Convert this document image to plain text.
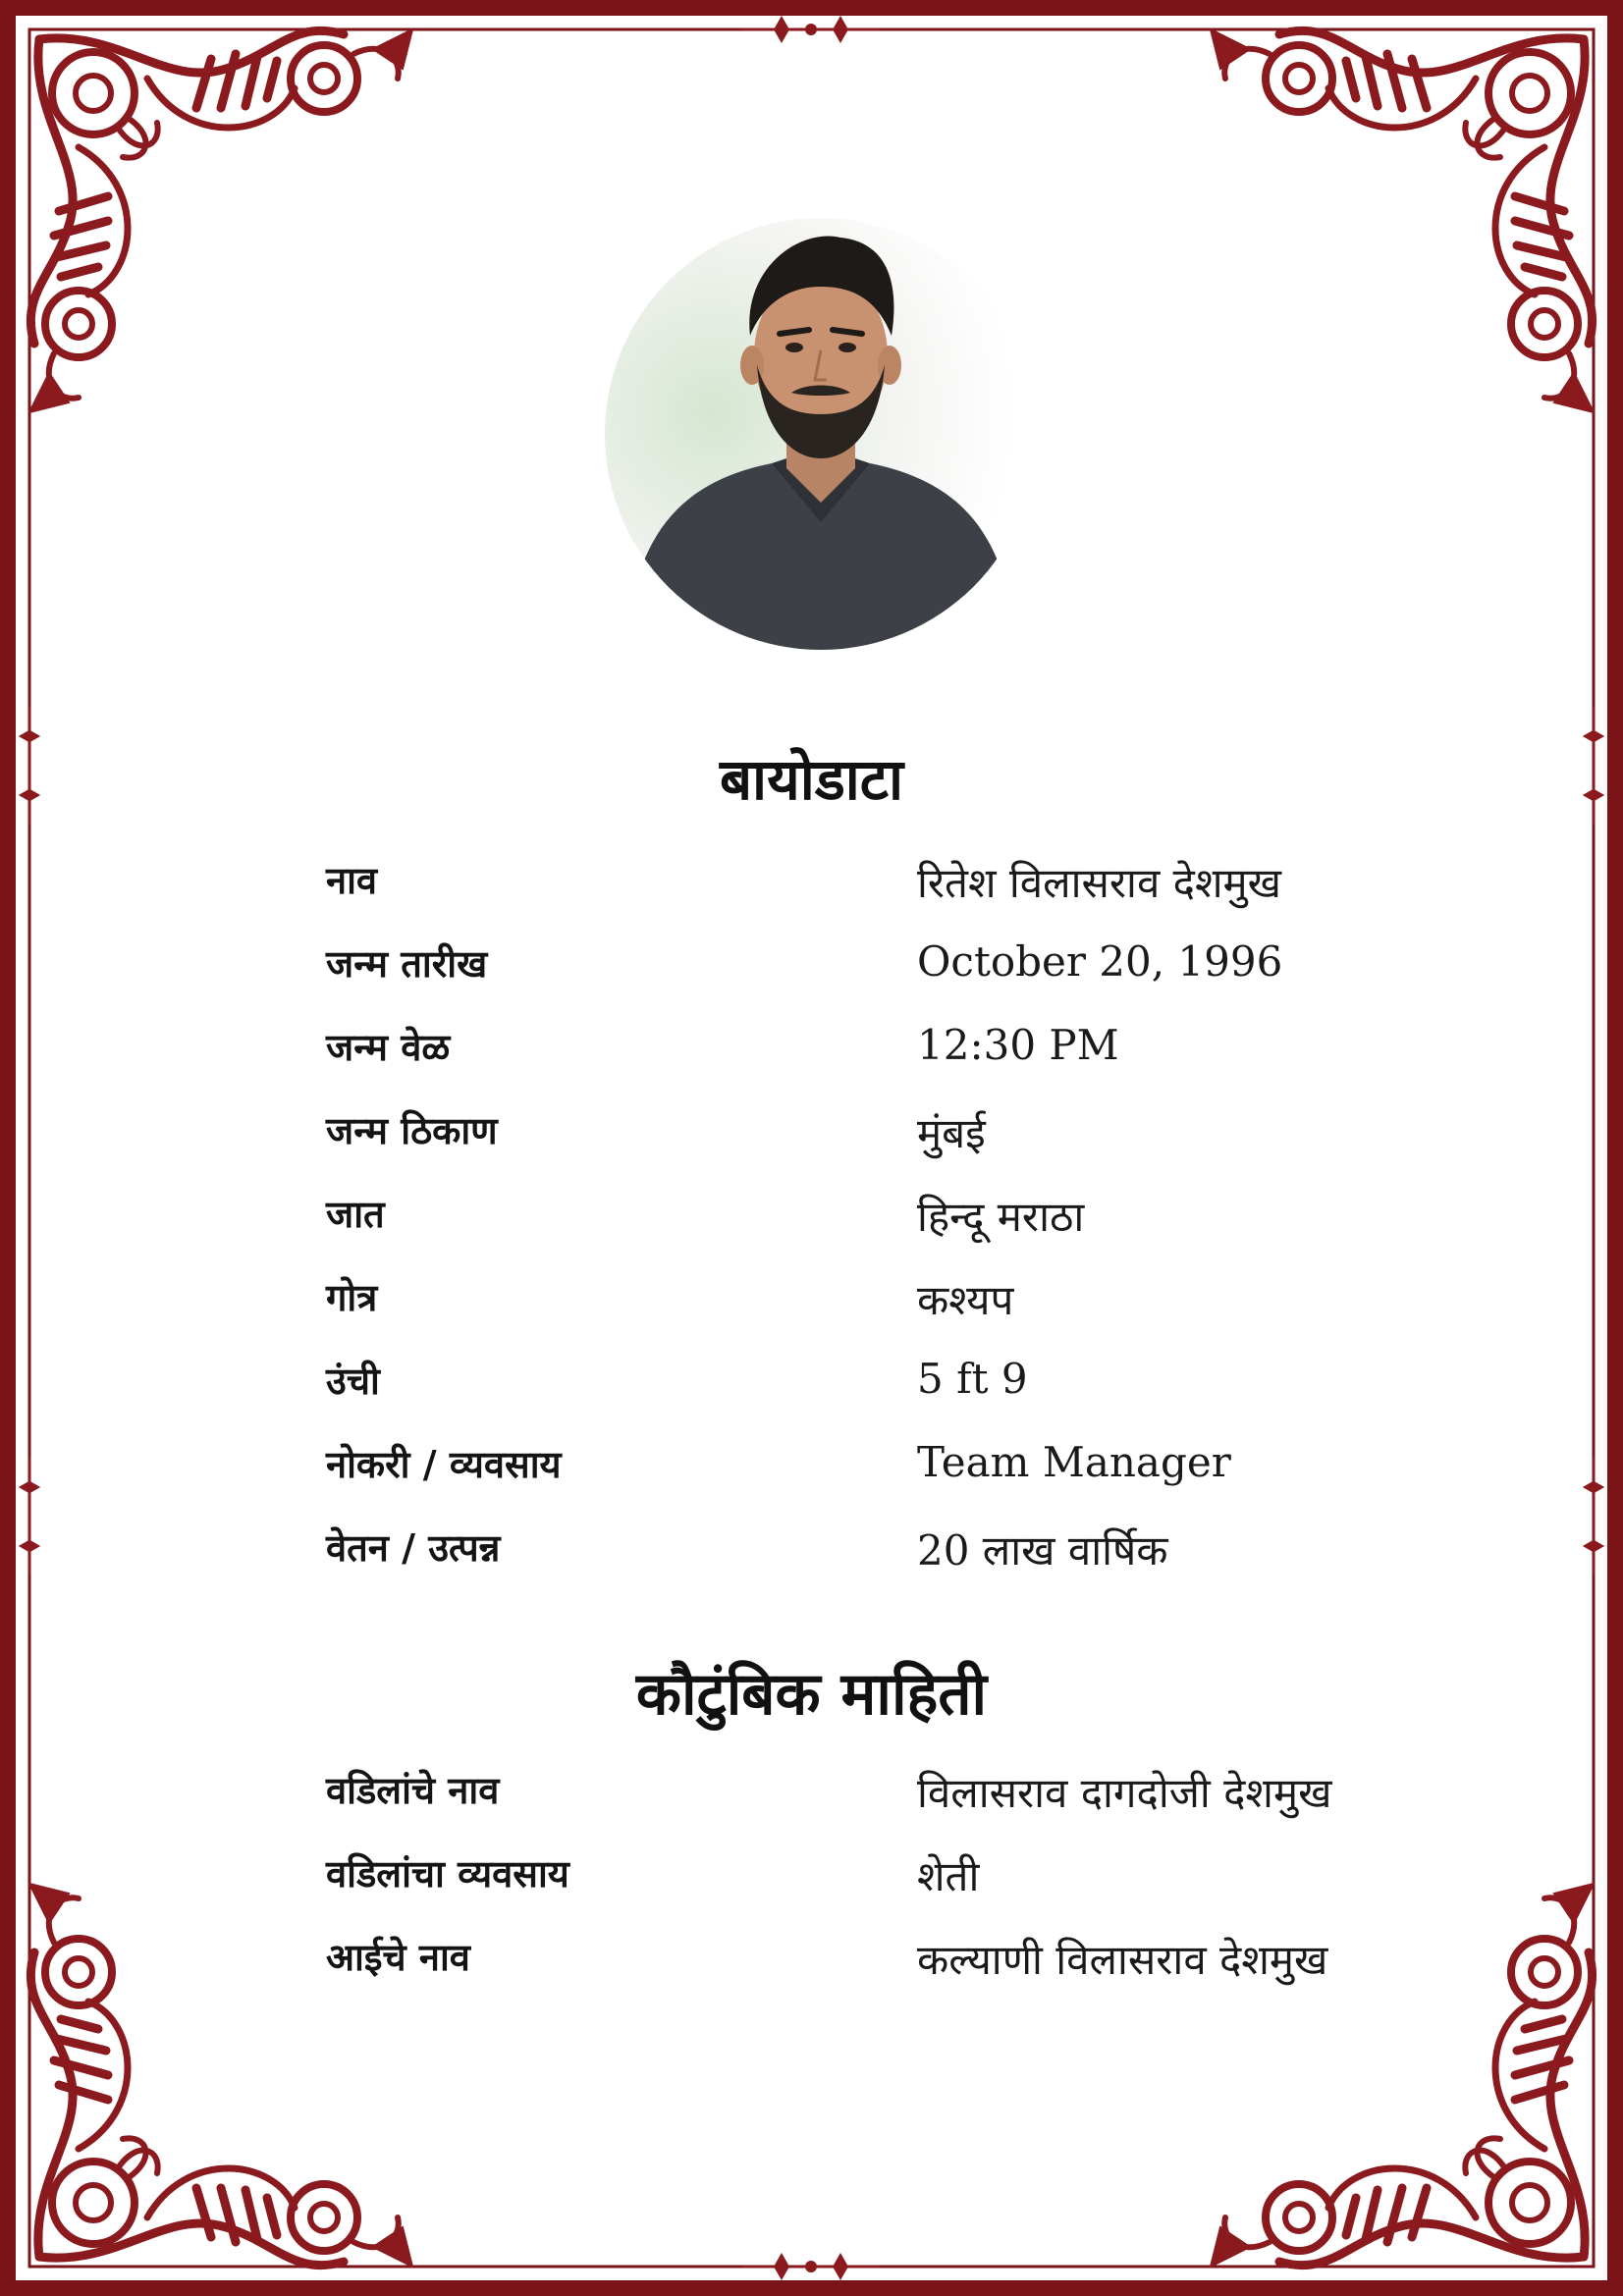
बायोडाटा
नाव	रितेश विलासराव देशमुख
जन्म तारीख	October 20, 1996
जन्म वेळ	12:30 PM
जन्म ठिकाण	मुंबई
जात	हिन्दू मराठा
गोत्र	कश्यप
उंची	5 ft 9
नोकरी / व्यवसाय	Team Manager
वेतन / उत्पन्न	20 लाख वार्षिक
कौटुंबिक माहिती
वडिलांचे नाव	विलासराव दागदोजी देशमुख
वडिलांचा व्यवसाय	शेती
आईचे नाव	कल्याणी विलासराव देशमुख
